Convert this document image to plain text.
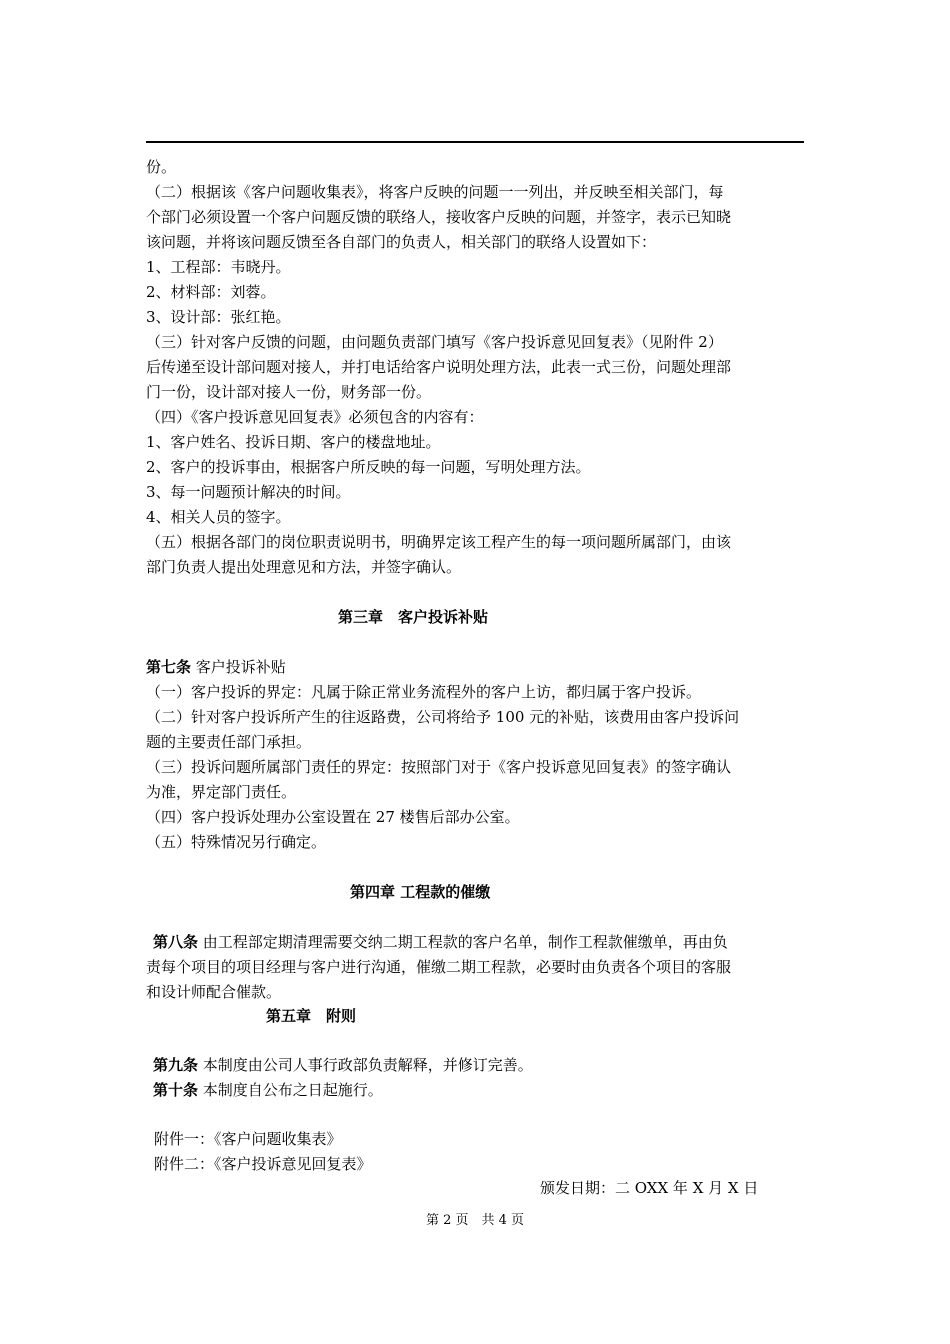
份。
（二）根据该《客户问题收集表》，将客户反映的问题一一列出，并反映至相关部门，每
个部门必须设置一个客户问题反馈的联络人，接收客户反映的问题，并签字，表示已知晓
该问题，并将该问题反馈至各自部门的负责人，相关部门的联络人设置如下：
1、工程部：韦晓丹。
2、材料部：刘蓉。
3、设计部：张红艳。
（三）针对客户反馈的问题，由问题负责部门填写《客户投诉意见回复表》（见附件 2）
后传递至设计部问题对接人，并打电话给客户说明处理方法，此表一式三份，问题处理部
门一份，设计部对接人一份，财务部一份。
（四）《客户投诉意见回复表》必须包含的内容有：
1、客户姓名、投诉日期、客户的楼盘地址。
2、客户的投诉事由，根据客户所反映的每一问题，写明处理方法。
3、每一问题预计解决的时间。
4、相关人员的签字。
（五）根据各部门的岗位职责说明书，明确界定该工程产生的每一项问题所属部门，由该
部门负责人提出处理意见和方法，并签字确认。
第三章　客户投诉补贴
第七条 客户投诉补贴
（一）客户投诉的界定：凡属于除正常业务流程外的客户上访，都归属于客户投诉。
（二）针对客户投诉所产生的往返路费，公司将给予 100 元的补贴，该费用由客户投诉问
题的主要责任部门承担。
（三）投诉问题所属部门责任的界定：按照部门对于《客户投诉意见回复表》的签字确认
为准，界定部门责任。
（四）客户投诉处理办公室设置在 27 楼售后部办公室。
（五）特殊情况另行确定。
第四章 工程款的催缴
第八条 由工程部定期清理需要交纳二期工程款的客户名单，制作工程款催缴单，再由负
责每个项目的项目经理与客户进行沟通，催缴二期工程款，必要时由负责各个项目的客服
和设计师配合催款。
第五章　附则
第九条 本制度由公司人事行政部负责解释，并修订完善。
第十条 本制度自公布之日起施行。
附件一：《客户问题收集表》
附件二：《客户投诉意见回复表》
颁发日期：二 OXX 年 X 月 X 日
第 2 页　共 4 页
